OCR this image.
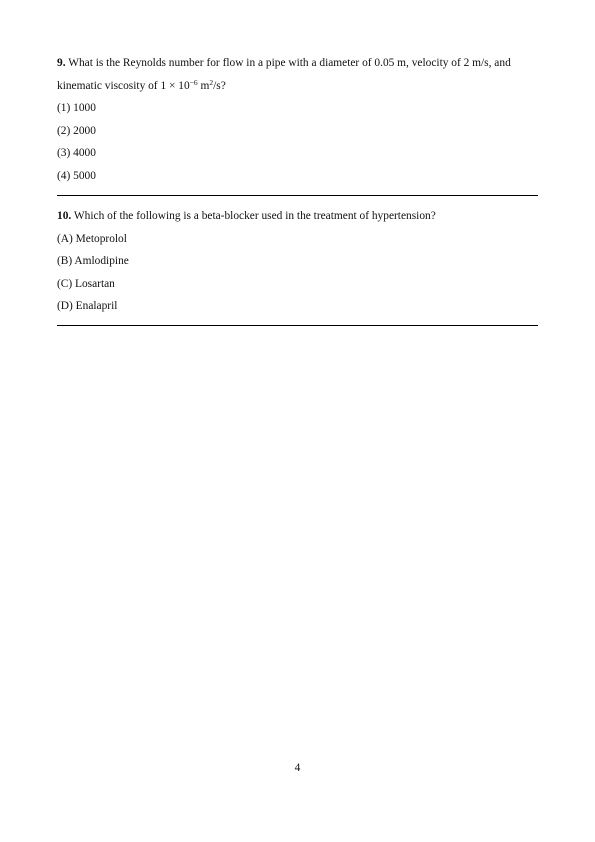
9. What is the Reynolds number for flow in a pipe with a diameter of 0.05 m, velocity of 2 m/s, and kinematic viscosity of $1 \times 10^{-6}$ $m^2/s$?

(1) 1000

(2) 2000

(3) 4000

(4) 5000

10. Which of the following is a beta-blocker used in the treatment of hypertension?

(A) Metoprolol

(B) Amlodipine

(C) Losartan

(D) Enalapril

4
